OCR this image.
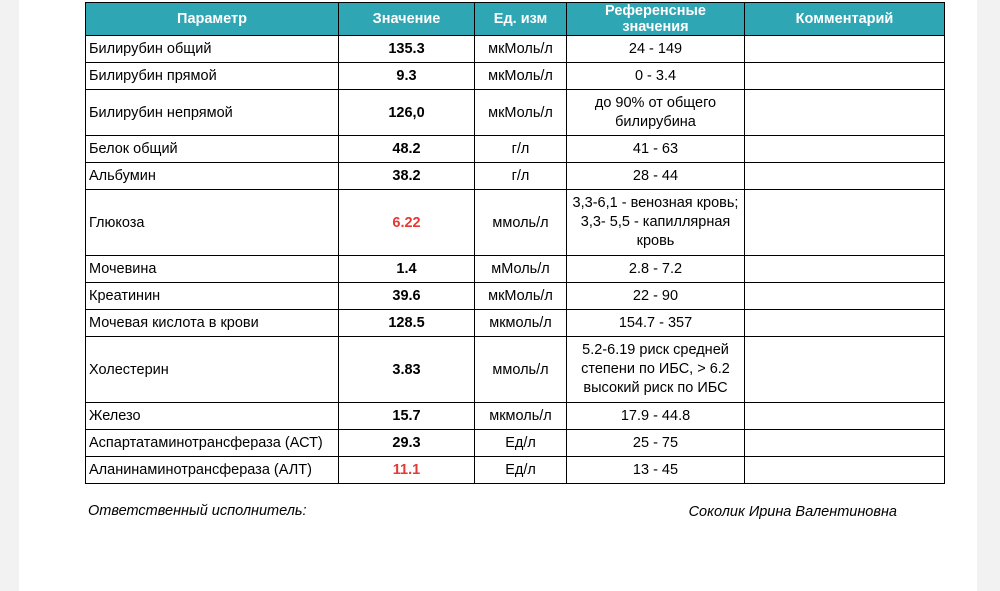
Параметр	Значение	Ед. изм	Референсные значения	Комментарий
Билирубин общий	135.3	мкМоль/л	24 - 149	
Билирубин прямой	9.3	мкМоль/л	0 - 3.4	
Билирубин непрямой	126,0	мкМоль/л	до 90% от общего билирубина	
Белок общий	48.2	г/л	41 - 63	
Альбумин	38.2	г/л	28 - 44	
Глюкоза	6.22	ммоль/л	3,3-6,1 - венозная кровь; 3,3- 5,5 - капиллярная кровь	
Мочевина	1.4	мМоль/л	2.8 - 7.2	
Креатинин	39.6	мкМоль/л	22 - 90	
Мочевая кислота в крови	128.5	мкмоль/л	154.7 - 357	
Холестерин	3.83	ммоль/л	5.2-6.19 риск средней степени по ИБС, > 6.2 высокий риск по ИБС	
Железо	15.7	мкмоль/л	17.9 - 44.8	
Аспартатаминотрансфераза (АСТ)	29.3	Ед/л	25 - 75	
Аланинаминотрансфераза (АЛТ)	11.1	Ед/л	13 - 45	
Ответственный исполнитель:	Соколик Ирина Валентиновна
